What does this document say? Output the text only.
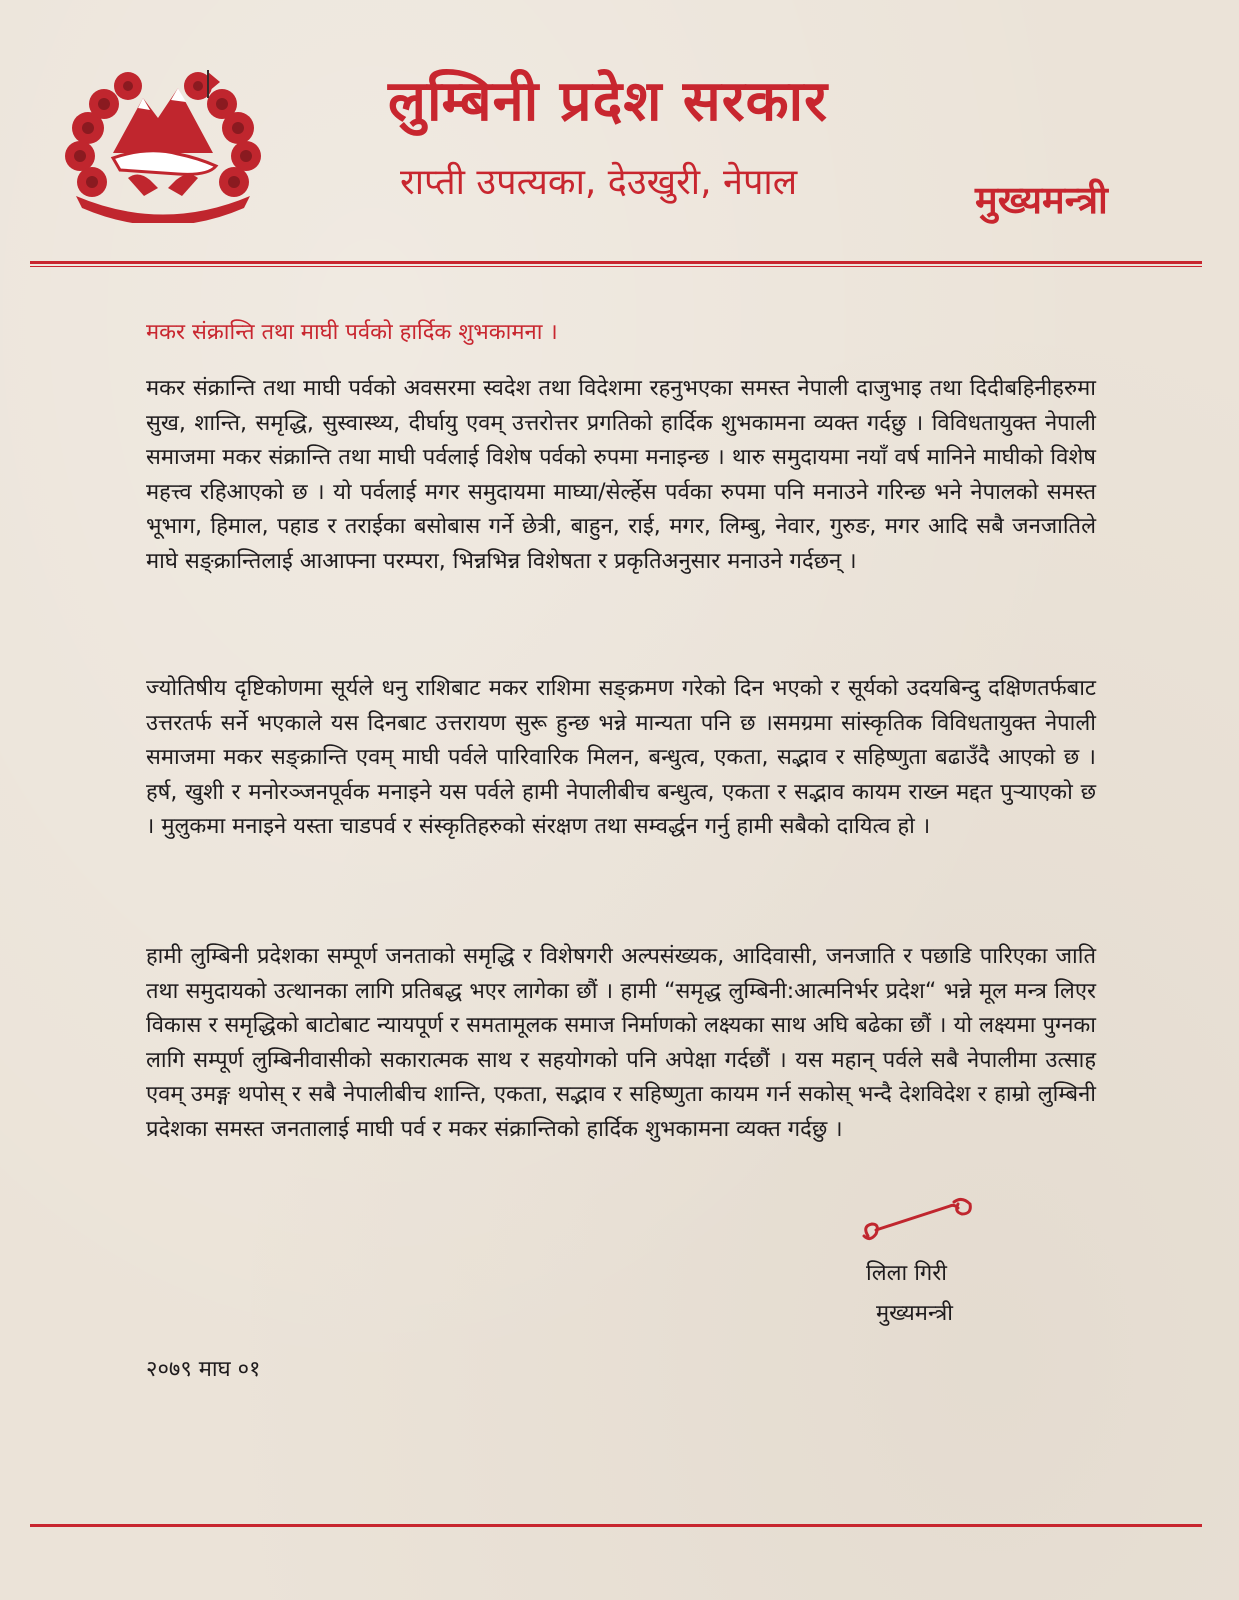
लुम्बिनी प्रदेश सरकार
राप्ती उपत्यका, देउखुरी, नेपाल	मुख्यमन्त्री
मकर संक्रान्ति तथा माघी पर्वको हार्दिक शुभकामना ।
मकर संक्रान्ति तथा माघी पर्वको अवसरमा स्वदेश तथा विदेशमा रहनुभएका समस्त नेपाली दाजुभाइ तथा दिदीबहिनीहरुमा सुख, शान्ति, समृद्धि, सुस्वास्थ्य, दीर्घायु एवम् उत्तरोत्तर प्रगतिको हार्दिक शुभकामना व्यक्त गर्दछु । विविधतायुक्त नेपाली समाजमा मकर संक्रान्ति तथा माघी पर्वलाई विशेष पर्वको रुपमा मनाइन्छ । थारु समुदायमा नयाँ वर्ष मानिने माघीको विशेष महत्त्व रहिआएको छ । यो पर्वलाई मगर समुदायमा माघ्या/सेर्ल्हेस पर्वका रुपमा पनि मनाउने गरिन्छ भने नेपालको समस्त भूभाग, हिमाल, पहाड र तराईका बसोबास गर्ने छेत्री, बाहुन, राई, मगर, लिम्बु, नेवार, गुरुङ, मगर आदि सबै जनजातिले माघे सङ्क्रान्तिलाई आआफ्ना परम्परा, भिन्नभिन्न विशेषता र प्रकृतिअनुसार मनाउने गर्दछन् ।
ज्योतिषीय दृष्टिकोणमा सूर्यले धनु राशिबाट मकर राशिमा सङ्क्रमण गरेको दिन भएको र सूर्यको उदयबिन्दु दक्षिणतर्फबाट उत्तरतर्फ सर्ने भएकाले यस दिनबाट उत्तरायण सुरू हुन्छ भन्ने मान्यता पनि छ ।समग्रमा सांस्कृतिक विविधतायुक्त नेपाली समाजमा मकर सङ्क्रान्ति एवम् माघी पर्वले पारिवारिक मिलन, बन्धुत्व, एकता, सद्भाव र सहिष्णुता बढाउँदै आएको छ । हर्ष, खुशी र मनोरञ्जनपूर्वक मनाइने यस पर्वले हामी नेपालीबीच बन्धुत्व, एकता र सद्भाव कायम राख्न मद्दत पुर्‍याएको छ । मुलुकमा मनाइने यस्ता चाडपर्व र संस्कृतिहरुको संरक्षण तथा सम्वर्द्धन गर्नु हामी सबैको दायित्व हो ।
हामी लुम्बिनी प्रदेशका सम्पूर्ण जनताको समृद्धि र विशेषगरी अल्पसंख्यक, आदिवासी, जनजाति र पछाडि पारिएका जाति तथा समुदायको उत्थानका लागि प्रतिबद्ध भएर लागेका छौं । हामी “समृद्ध लुम्बिनी:आत्मनिर्भर प्रदेश“ भन्ने मूल मन्त्र लिएर विकास र समृद्धिको बाटोबाट न्यायपूर्ण र समतामूलक समाज निर्माणको लक्ष्यका साथ अघि बढेका छौं । यो लक्ष्यमा पुग्नका लागि सम्पूर्ण लुम्बिनीवासीको सकारात्मक साथ र सहयोगको पनि अपेक्षा गर्दछौं । यस महान् पर्वले सबै नेपालीमा उत्साह एवम् उमङ्ग थपोस् र सबै नेपालीबीच शान्ति, एकता, सद्भाव र सहिष्णुता कायम गर्न सकोस् भन्दै देशविदेश र हाम्रो लुम्बिनी प्रदेशका समस्त जनतालाई माघी पर्व र मकर संक्रान्तिको हार्दिक शुभकामना व्यक्त गर्दछु ।
लिला गिरी
मुख्यमन्त्री
२०७९ माघ ०१
